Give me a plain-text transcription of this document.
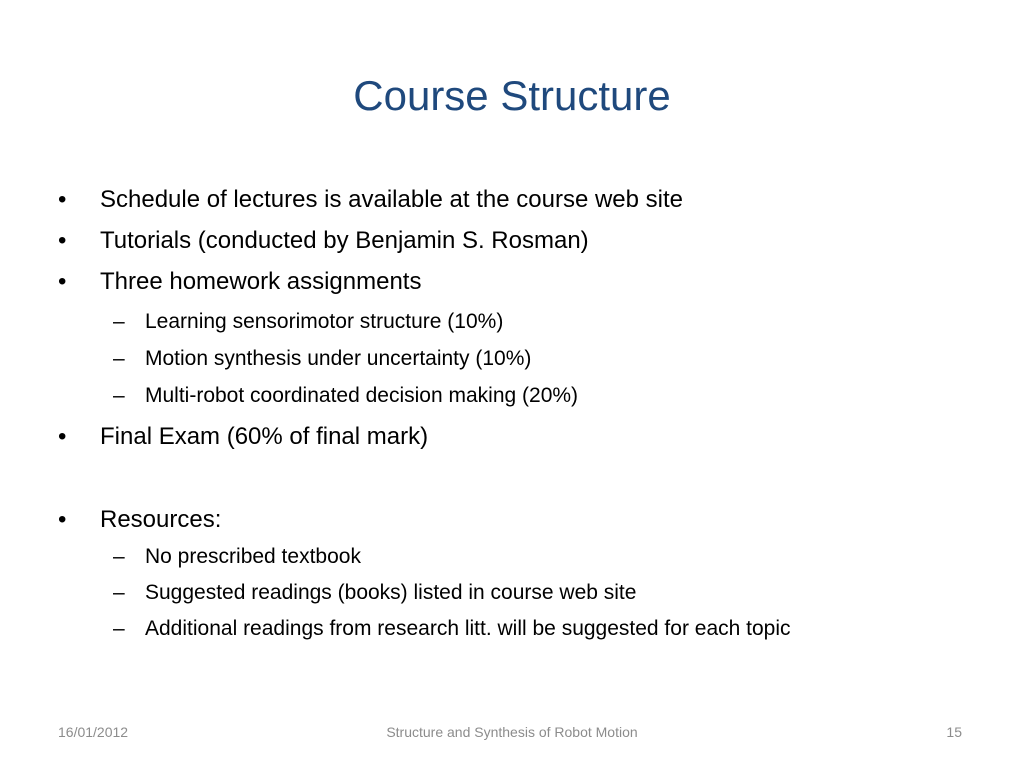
Course Structure
• Schedule of lectures is available at the course web site
• Tutorials (conducted by Benjamin S. Rosman)
• Three homework assignments
– Learning sensorimotor structure (10%)
– Motion synthesis under uncertainty (10%)
– Multi-robot coordinated decision making (20%)
• Final Exam (60% of final mark)
• Resources:
– No prescribed textbook
– Suggested readings (books) listed in course web site
– Additional readings from research litt. will be suggested for each topic
16/01/2012	Structure and Synthesis of Robot Motion	15
